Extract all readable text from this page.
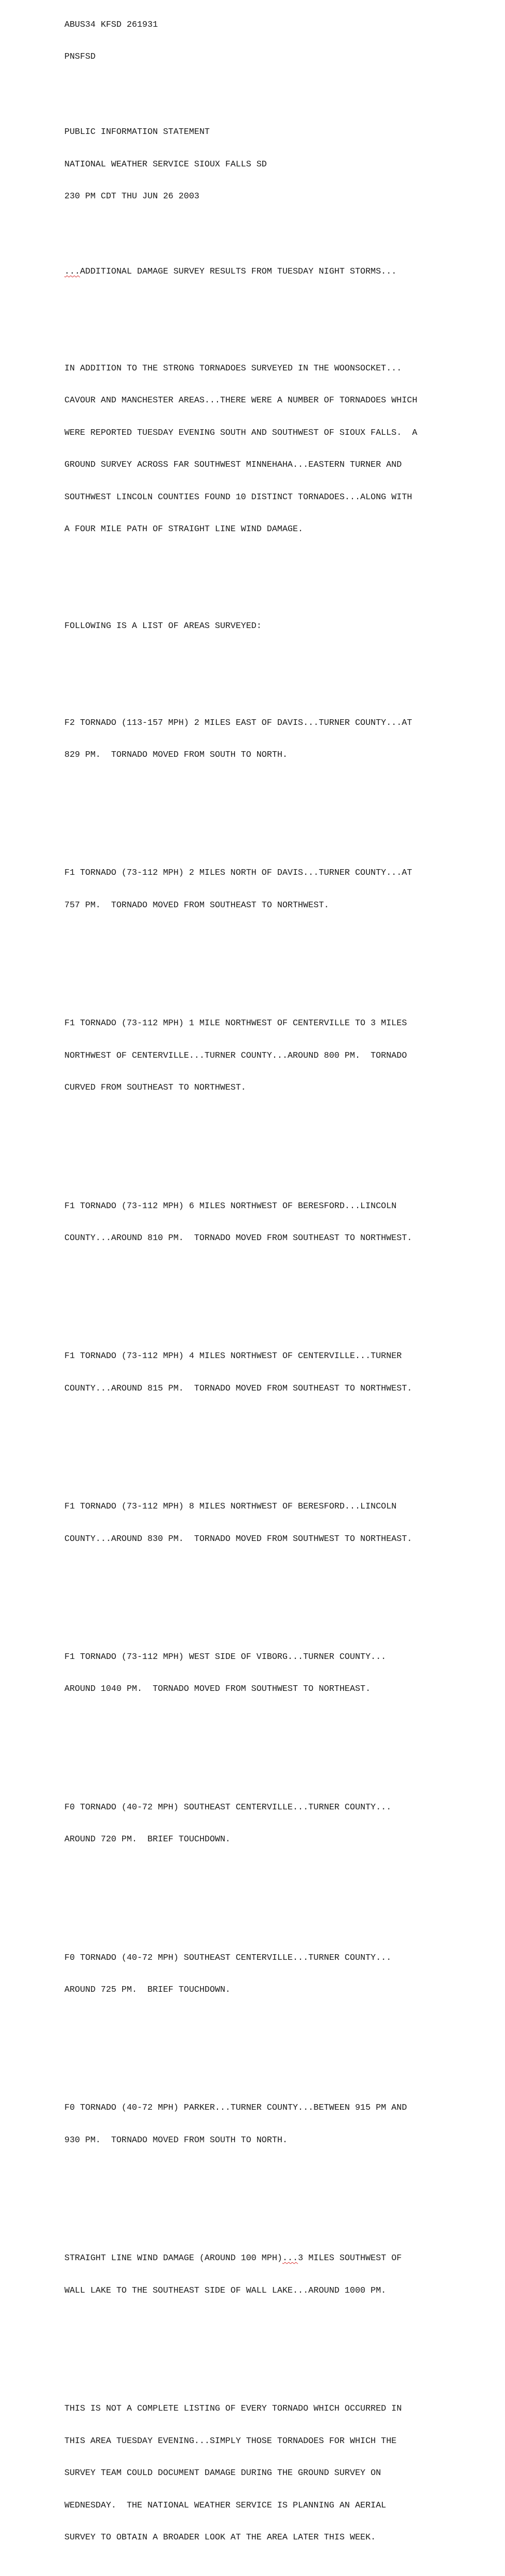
ABUS34 KFSD 261931

PNSFSD

PUBLIC INFORMATION STATEMENT

NATIONAL WEATHER SERVICE SIOUX FALLS SD

230 PM CDT THU JUN 26 2003

...ADDITIONAL DAMAGE SURVEY RESULTS FROM TUESDAY NIGHT STORMS...

IN ADDITION TO THE STRONG TORNADOES SURVEYED IN THE WOONSOCKET...

CAVOUR AND MANCHESTER AREAS...THERE WERE A NUMBER OF TORNADOES WHICH

WERE REPORTED TUESDAY EVENING SOUTH AND SOUTHWEST OF SIOUX FALLS.  A

GROUND SURVEY ACROSS FAR SOUTHWEST MINNEHAHA...EASTERN TURNER AND

SOUTHWEST LINCOLN COUNTIES FOUND 10 DISTINCT TORNADOES...ALONG WITH

A FOUR MILE PATH OF STRAIGHT LINE WIND DAMAGE.

FOLLOWING IS A LIST OF AREAS SURVEYED:

F2 TORNADO (113-157 MPH) 2 MILES EAST OF DAVIS...TURNER COUNTY...AT

829 PM.  TORNADO MOVED FROM SOUTH TO NORTH.

F1 TORNADO (73-112 MPH) 2 MILES NORTH OF DAVIS...TURNER COUNTY...AT

757 PM.  TORNADO MOVED FROM SOUTHEAST TO NORTHWEST.

F1 TORNADO (73-112 MPH) 1 MILE NORTHWEST OF CENTERVILLE TO 3 MILES

NORTHWEST OF CENTERVILLE...TURNER COUNTY...AROUND 800 PM.  TORNADO

CURVED FROM SOUTHEAST TO NORTHWEST.

F1 TORNADO (73-112 MPH) 6 MILES NORTHWEST OF BERESFORD...LINCOLN

COUNTY...AROUND 810 PM.  TORNADO MOVED FROM SOUTHEAST TO NORTHWEST.

F1 TORNADO (73-112 MPH) 4 MILES NORTHWEST OF CENTERVILLE...TURNER

COUNTY...AROUND 815 PM.  TORNADO MOVED FROM SOUTHEAST TO NORTHWEST.

F1 TORNADO (73-112 MPH) 8 MILES NORTHWEST OF BERESFORD...LINCOLN

COUNTY...AROUND 830 PM.  TORNADO MOVED FROM SOUTHWEST TO NORTHEAST.

F1 TORNADO (73-112 MPH) WEST SIDE OF VIBORG...TURNER COUNTY...

AROUND 1040 PM.  TORNADO MOVED FROM SOUTHWEST TO NORTHEAST.

F0 TORNADO (40-72 MPH) SOUTHEAST CENTERVILLE...TURNER COUNTY...

AROUND 720 PM.  BRIEF TOUCHDOWN.

F0 TORNADO (40-72 MPH) SOUTHEAST CENTERVILLE...TURNER COUNTY...

AROUND 725 PM.  BRIEF TOUCHDOWN.

F0 TORNADO (40-72 MPH) PARKER...TURNER COUNTY...BETWEEN 915 PM AND

930 PM.  TORNADO MOVED FROM SOUTH TO NORTH.

STRAIGHT LINE WIND DAMAGE (AROUND 100 MPH)...3 MILES SOUTHWEST OF

WALL LAKE TO THE SOUTHEAST SIDE OF WALL LAKE...AROUND 1000 PM.

THIS IS NOT A COMPLETE LISTING OF EVERY TORNADO WHICH OCCURRED IN

THIS AREA TUESDAY EVENING...SIMPLY THOSE TORNADOES FOR WHICH THE

SURVEY TEAM COULD DOCUMENT DAMAGE DURING THE GROUND SURVEY ON

WEDNESDAY.  THE NATIONAL WEATHER SERVICE IS PLANNING AN AERIAL

SURVEY TO OBTAIN A BROADER LOOK AT THE AREA LATER THIS WEEK.
